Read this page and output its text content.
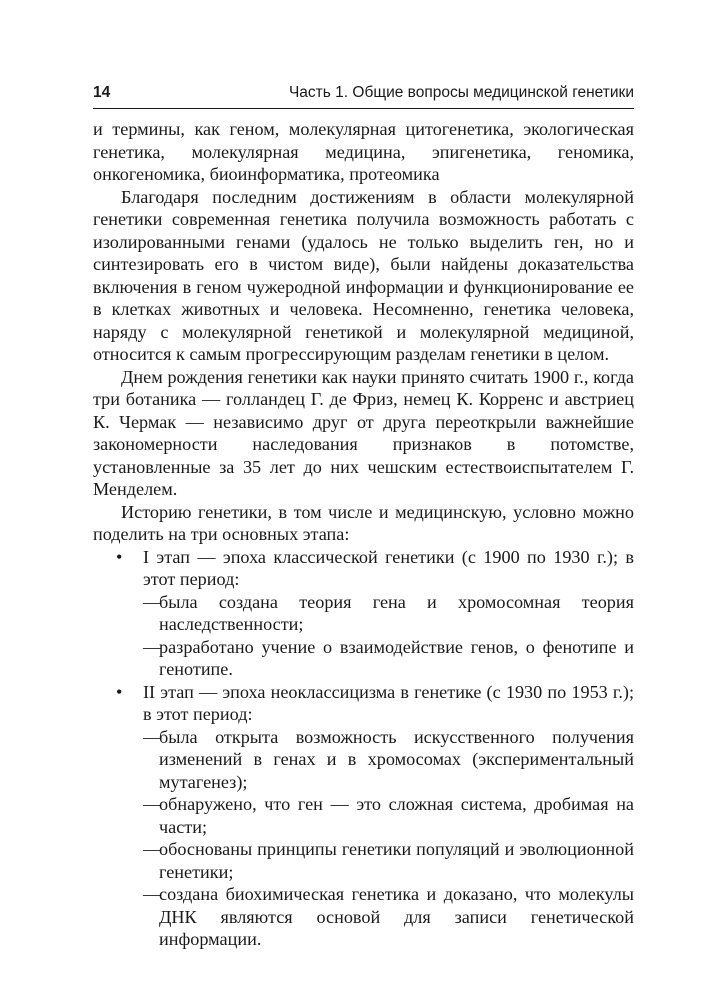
14	Часть 1. Общие вопросы медицинской генетики

и термины, как геном, молекулярная цитогенетика, экологическая генетика, молекулярная медицина, эпигенетика, геномика, онкогеномика, биоинформатика, протеомика

Благодаря последним достижениям в области молекулярной генетики современная генетика получила возможность работать с изолированными генами (удалось не только выделить ген, но и синтезировать его в чистом виде), были найдены доказательства включения в геном чужеродной информации и функционирование ее в клетках животных и человека. Несомненно, генетика человека, наряду с молекулярной генетикой и молекулярной медициной, относится к самым прогрессирующим разделам генетики в целом.

Днем рождения генетики как науки принято считать 1900 г., когда три ботаника — голландец Г. де Фриз, немец К. Корренс и австриец К. Чермак — независимо друг от друга переоткрыли важнейшие закономерности наследования признаков в потомстве, установленные за 35 лет до них чешским естествоиспытателем Г. Менделем.

Историю генетики, в том числе и медицинскую, условно можно поделить на три основных этапа:

• I этап — эпоха классической генетики (с 1900 по 1930 г.); в этот период:
—
была создана теория гена и хромосомная теория наследственности;
—
разработано учение о взаимодействие генов, о фенотипе и генотипе.
• II этап — эпоха неоклассицизма в генетике (с 1930 по 1953 г.); в этот период:
—
была открыта возможность искусственного получения изменений в генах и в хромосомах (экспериментальный мутагенез);
—
обнаружено, что ген — это сложная система, дробимая на части;
—
обоснованы принципы генетики популяций и эволюционной генетики;
—
создана биохимическая генетика и доказано, что молекулы ДНК являются основой для записи генетической информации.
